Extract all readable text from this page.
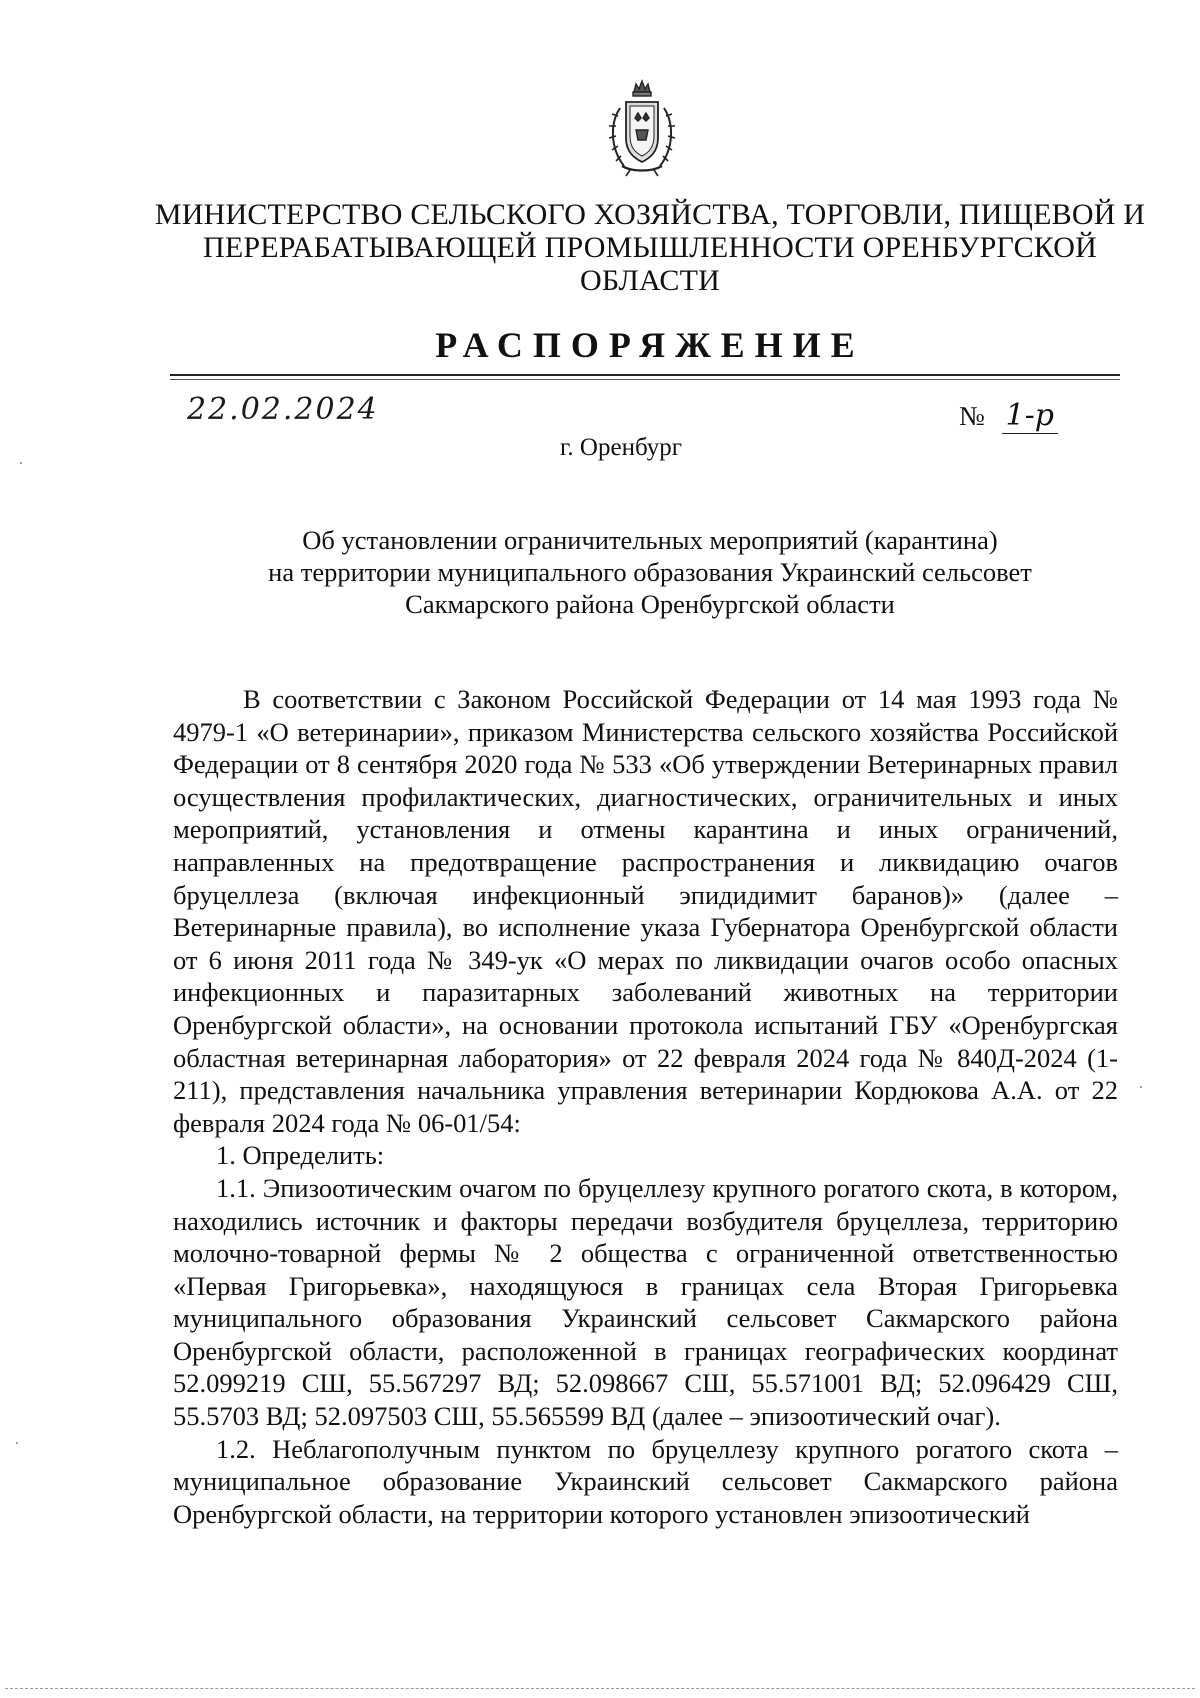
МИНИСТЕРСТВО СЕЛЬСКОГО ХОЗЯЙСТВА, ТОРГОВЛИ, ПИЩЕВОЙ И
ПЕРЕРАБАТЫВАЮЩЕЙ ПРОМЫШЛЕННОСТИ ОРЕНБУРГСКОЙ
ОБЛАСТИ
РАСПОРЯЖЕНИЕ
22.02.2024	№ 1-р
г. Оренбург
Об установлении ограничительных мероприятий (карантина)
на территории муниципального образования Украинский сельсовет
Сакмарского района Оренбургской области

В соответствии с Законом Российской Федерации от 14 мая 1993 года № 4979-1 «О ветеринарии», приказом Министерства сельского хозяйства Российской Федерации от 8 сентября 2020 года № 533 «Об утверждении Ветеринарных правил осуществления профилактических, диагностических, ограничительных и иных мероприятий, установления и отмены карантина и иных ограничений, направленных на предотвращение распространения и ликвидацию очагов бруцеллеза (включая инфекционный эпидидимит баранов)» (далее – Ветеринарные правила), во исполнение указа Губернатора Оренбургской области от 6 июня 2011 года № 349-ук «О мерах по ликвидации очагов особо опасных инфекционных и паразитарных заболеваний животных на территории Оренбургской области», на основании протокола испытаний ГБУ «Оренбургская областная ветеринарная лаборатория» от 22 февраля 2024 года № 840Д-2024 (1-211), представления начальника управления ветеринарии Кордюкова А.А. от 22 февраля 2024 года № 06-01/54:

1. Определить:

1.1. Эпизоотическим очагом по бруцеллезу крупного рогатого скота, в котором, находились источник и факторы передачи возбудителя бруцеллеза, территорию молочно-товарной фермы № 2 общества с ограниченной ответственностью «Первая Григорьевка», находящуюся в границах села Вторая Григорьевка муниципального образования Украинский сельсовет Сакмарского района Оренбургской области, расположенной в границах географических координат 52.099219 СШ, 55.567297 ВД; 52.098667 СШ, 55.571001 ВД; 52.096429 СШ, 55.5703 ВД; 52.097503 СШ, 55.565599 ВД (далее – эпизоотический очаг).

1.2. Неблагополучным пунктом по бруцеллезу крупного рогатого скота – муниципальное образование Украинский сельсовет Сакмарского района Оренбургской области, на территории которого установлен эпизоотический
